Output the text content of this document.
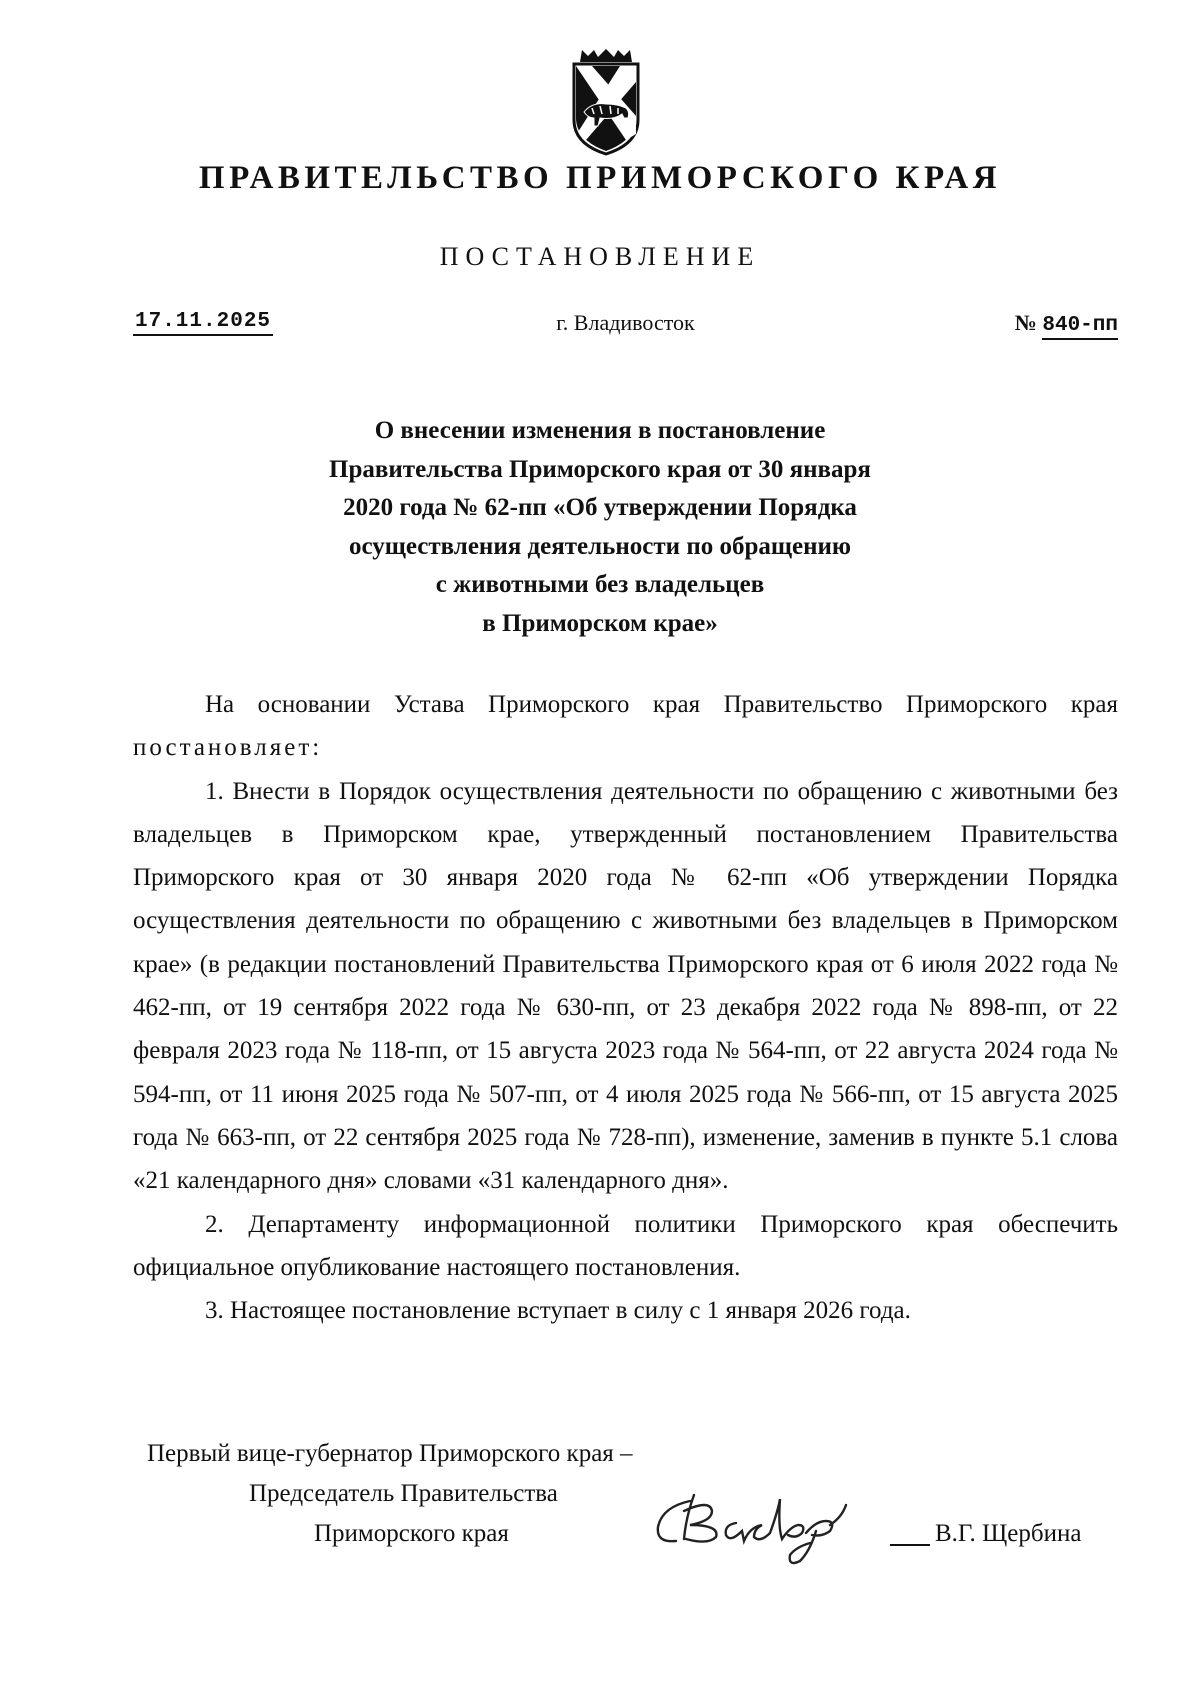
ПРАВИТЕЛЬСТВО ПРИМОРСКОГО КРАЯ
ПОСТАНОВЛЕНИЕ
17.11.2025	г. Владивосток	№ 840-пп
О внесении изменения в постановление
Правительства Приморского края от 30 января
2020 года № 62-пп «Об утверждении Порядка
осуществления деятельности по обращению
с животными без владельцев
в Приморском крае»

На основании Устава Приморского края Правительство Приморского края постановляет:

1. Внести в Порядок осуществления деятельности по обращению с животными без владельцев в Приморском крае, утвержденный постановлением Правительства Приморского края от 30 января 2020 года № 62-пп «Об утверждении Порядка осуществления деятельности по обращению с животными без владельцев в Приморском крае» (в редакции постановлений Правительства Приморского края от 6 июля 2022 года № 462-пп, от 19 сентября 2022 года № 630-пп, от 23 декабря 2022 года № 898-пп, от 22 февраля 2023 года № 118-пп, от 15 августа 2023 года № 564-пп, от 22 августа 2024 года № 594-пп, от 11 июня 2025 года № 507-пп, от 4 июля 2025 года № 566-пп, от 15 августа 2025 года № 663-пп, от 22 сентября 2025 года № 728-пп), изменение, заменив в пункте 5.1 слова «21 календарного дня» словами «31 календарного дня».

2. Департаменту информационной политики Приморского края обеспечить официальное опубликование настоящего постановления.

3. Настоящее постановление вступает в силу с 1 января 2026 года.

Первый вице-губернатор Приморского края –
Председатель Правительства
Приморского края	В.Г. Щербина
